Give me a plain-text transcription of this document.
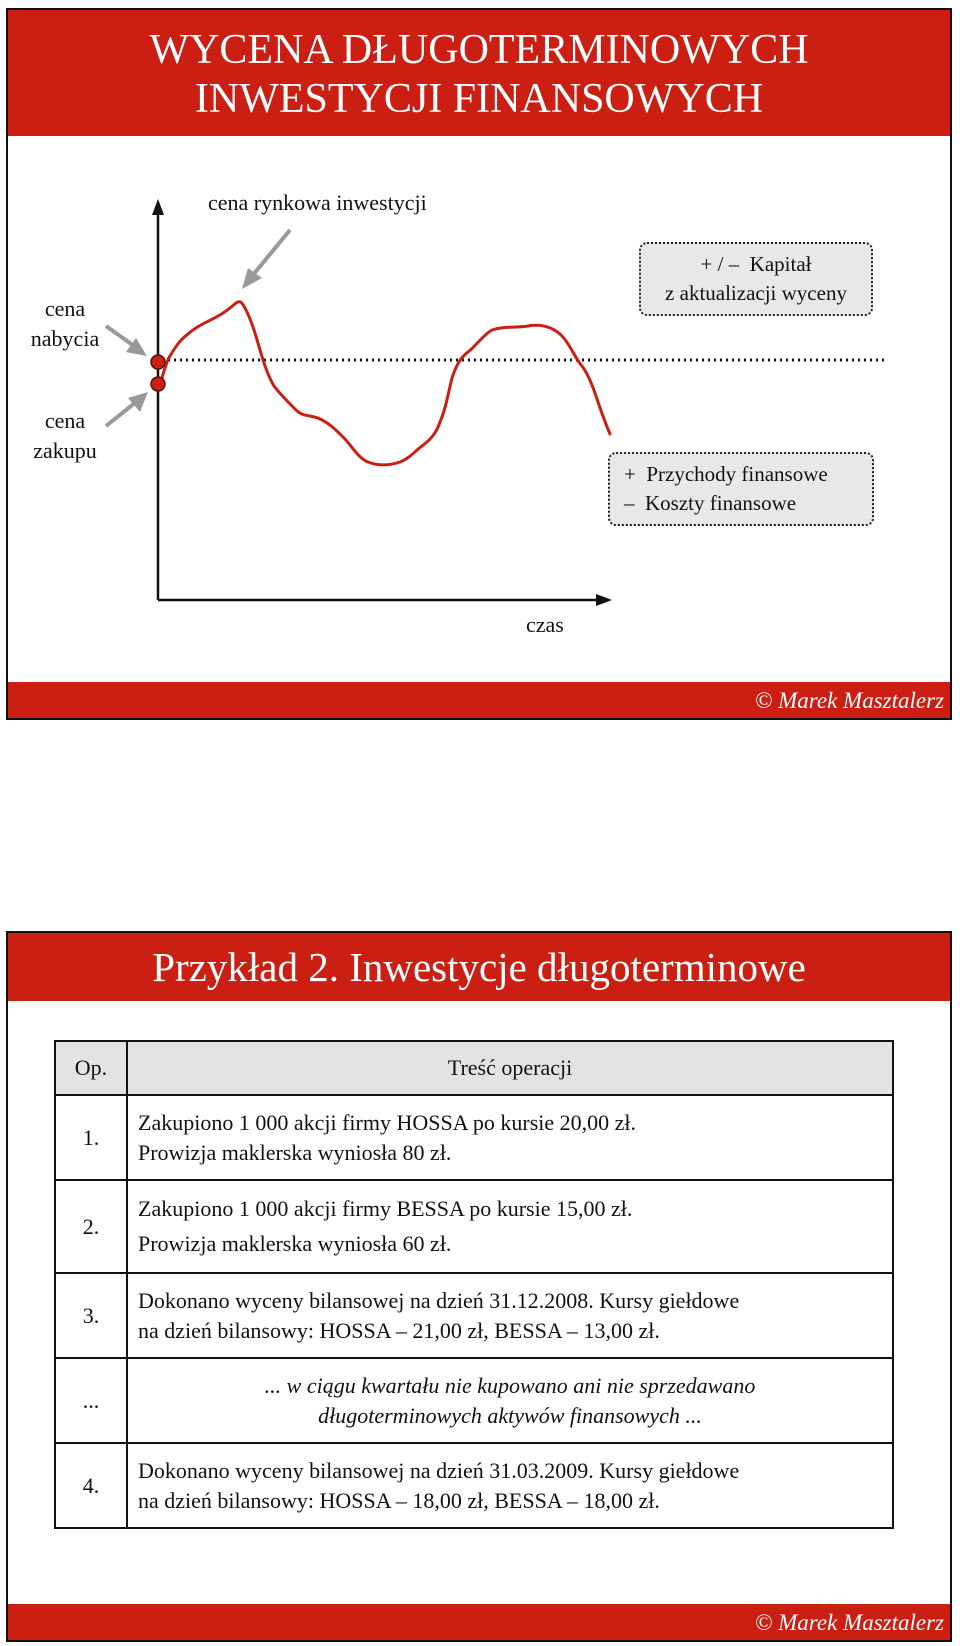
WYCENA DŁUGOTERMINOWYCH
INWESTYCJI FINANSOWYCH
cena rynkowa inwestycji
cena
nabycia
cena
zakupu
+ / –  Kapitał
z aktualizacji wyceny
+  Przychody finansowe
–  Koszty finansowe
czas
© Marek Masztalerz
Przykład 2. Inwestycje długoterminowe
Op.	Treść operacji
1.	Zakupiono 1 000 akcji firmy HOSSA po kursie 20,00 zł.
Prowizja maklerska wyniosła 80 zł.

2.	Zakupiono 1 000 akcji firmy BESSA po kursie 15,00 zł.
Prowizja maklerska wyniosła 60 zł.

3.	Dokonano wyceny bilansowej na dzień 31.12.2008. Kursy giełdowe
na dzień bilansowy: HOSSA – 21,00 zł, BESSA – 13,00 zł.

...	... w ciągu kwartału nie kupowano ani nie sprzedawano
długoterminowych aktywów finansowych ...

4.	Dokonano wyceny bilansowej na dzień 31.03.2009. Kursy giełdowe
na dzień bilansowy: HOSSA – 18,00 zł, BESSA – 18,00 zł.
© Marek Masztalerz
